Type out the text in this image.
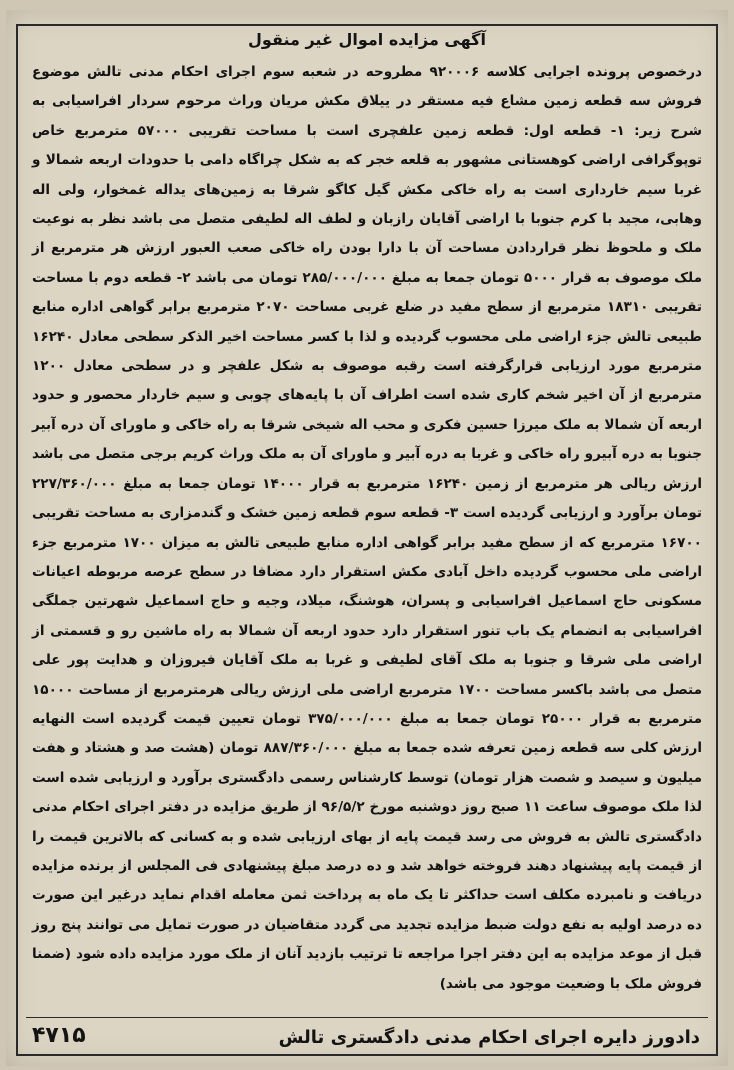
آگهی مزایده اموال غیر منقول
درخصوص پرونده اجرایی کلاسه ۹۲۰۰۰۶ مطروحه در شعبه سوم اجرای احکام مدنی تالش موضوع فروش سه قطعه زمین مشاع فیه مستقر در ییلاق مکش مریان وراث مرحوم سردار افراسیابی به شرح زیر: ۱- قطعه اول: قطعه زمین علفچری است با مساحت تقریبی ۵۷۰۰۰ مترمربع خاص توپوگرافی اراضی کوهستانی مشهور به قلعه خجر که به شکل چراگاه دامی با حدودات اربعه شمالا و غربا سیم خارداری است به راه خاکی مکش گیل کاگو شرقا به زمین‌های یداله غمخوار، ولی اله وهابی، مجید با کرم جنوبا با اراضی آقایان رازبان و لطف اله لطیفی متصل می باشد نظر به نوعیت ملک و ملحوظ نظر قراردادن مساحت آن با دارا بودن راه خاکی صعب العبور ارزش هر مترمربع از ملک موصوف به قرار ۵۰۰۰ تومان جمعا به مبلغ ۲۸۵/۰۰۰/۰۰۰ تومان می باشد ۲- قطعه دوم با مساحت تقریبی ۱۸۳۱۰ مترمربع از سطح مفید در ضلع غربی مساحت ۲۰۷۰ مترمربع برابر گواهی اداره منابع طبیعی تالش جزء اراضی ملی محسوب گردیده و لذا با کسر مساحت اخیر الذکر سطحی معادل ۱۶۲۴۰ مترمربع مورد ارزیابی قرارگرفته است رقبه موصوف به شکل علفچر و در سطحی معادل ۱۲۰۰ مترمربع از آن اخیر شخم کاری شده است اطراف آن با پایه‌های چوبی و سیم خاردار محصور و حدود اربعه آن شمالا به ملک میرزا حسین فکری و محب اله شیخی شرقا به راه خاکی و ماورای آن دره آبیر جنوبا به دره آبیرو راه خاکی و غربا به دره آبیر و ماورای آن به ملک وراث کریم برجی متصل می باشد ارزش ریالی هر مترمربع از زمین ۱۶۲۴۰ مترمربع به قرار ۱۴۰۰۰ تومان جمعا به مبلغ ۲۲۷/۳۶۰/۰۰۰ تومان برآورد و ارزیابی گردیده است ۳- قطعه سوم قطعه زمین خشک و گندمزاری به مساحت تقریبی ۱۶۷۰۰ مترمربع که از سطح مفید برابر گواهی اداره منابع طبیعی تالش به میزان ۱۷۰۰ مترمربع جزء اراضی ملی محسوب گردیده داخل آبادی مکش استقرار دارد مضافا در سطح عرصه مربوطه اعیانات مسکونی حاج اسماعیل افراسیابی و پسران، هوشنگ، میلاد، وجیه و حاج اسماعیل شهرتین جملگی افراسیابی به انضمام یک باب تنور استقرار دارد حدود اربعه آن شمالا به راه ماشین رو و قسمتی از اراضی ملی شرقا و جنوبا به ملک آقای لطیفی و غربا به ملک آقایان فیروزان و هدایت پور علی متصل می باشد باکسر مساحت ۱۷۰۰ مترمربع اراضی ملی ارزش ریالی هرمترمربع از مساحت ۱۵۰۰۰ مترمربع به قرار ۲۵۰۰۰ تومان جمعا به مبلغ ۳۷۵/۰۰۰/۰۰۰ تومان تعیین قیمت گردیده است النهایه ارزش کلی سه قطعه زمین تعرفه شده جمعا به مبلغ ۸۸۷/۳۶۰/۰۰۰ تومان (هشت صد و هشتاد و هفت میلیون و سیصد و شصت هزار تومان) توسط کارشناس رسمی دادگستری برآورد و ارزیابی شده است لذا ملک موصوف ساعت ۱۱ صبح روز دوشنبه مورخ ۹۶/۵/۲ از طریق مزایده در دفتر اجرای احکام مدنی دادگستری تالش به فروش می رسد قیمت پایه از بهای ارزیابی شده و به کسانی که بالاترین قیمت را از قیمت پایه پیشنهاد دهند فروخته خواهد شد و ده درصد مبلغ پیشنهادی فی المجلس از برنده مزایده دریافت و نامبرده مکلف است حداکثر تا یک ماه به پرداخت ثمن معامله اقدام نماید درغیر این صورت ده درصد اولیه به نفع دولت ضبط مزایده تجدید می گردد متقاضیان در صورت تمایل می توانند پنج روز قبل از موعد مزایده به این دفتر اجرا مراجعه تا ترتیب بازدید آنان از ملک مورد مزایده داده شود (ضمنا فروش ملک با وضعیت موجود می باشد)
دادورز دایره اجرای احکام مدنی دادگستری تالش
۴۷۱۵
